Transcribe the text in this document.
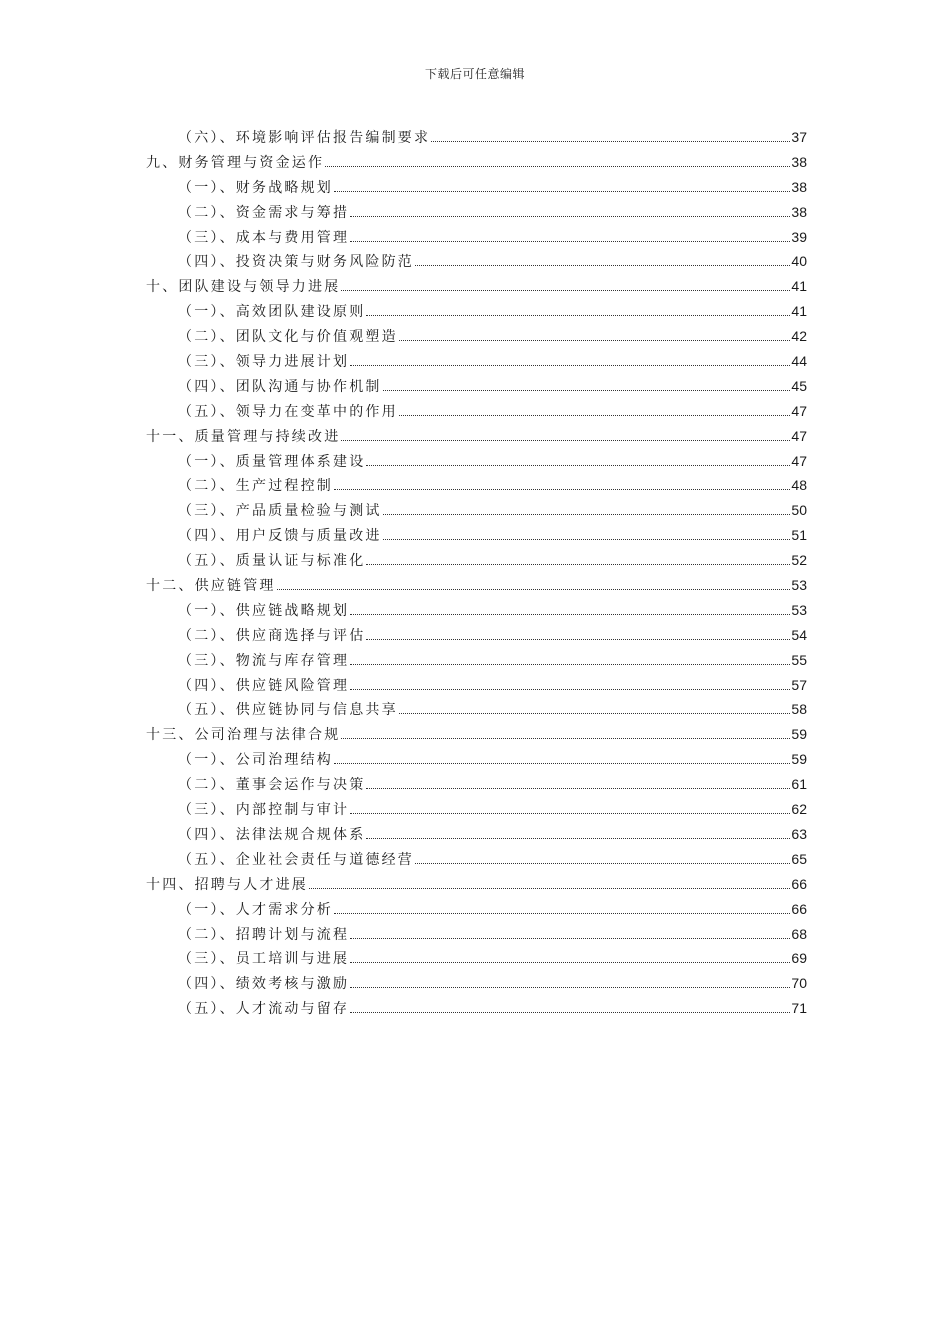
下载后可任意编辑
（六）、环境影响评估报告编制要求	37
九、财务管理与资金运作	38
（一）、财务战略规划	38
（二）、资金需求与筹措	38
（三）、成本与费用管理	39
（四）、投资决策与财务风险防范	40
十、团队建设与领导力进展	41
（一）、高效团队建设原则	41
（二）、团队文化与价值观塑造	42
（三）、领导力进展计划	44
（四）、团队沟通与协作机制	45
（五）、领导力在变革中的作用	47
十一、质量管理与持续改进	47
（一）、质量管理体系建设	47
（二）、生产过程控制	48
（三）、产品质量检验与测试	50
（四）、用户反馈与质量改进	51
（五）、质量认证与标准化	52
十二、供应链管理	53
（一）、供应链战略规划	53
（二）、供应商选择与评估	54
（三）、物流与库存管理	55
（四）、供应链风险管理	57
（五）、供应链协同与信息共享	58
十三、公司治理与法律合规	59
（一）、公司治理结构	59
（二）、董事会运作与决策	61
（三）、内部控制与审计	62
（四）、法律法规合规体系	63
（五）、企业社会责任与道德经营	65
十四、招聘与人才进展	66
（一）、人才需求分析	66
（二）、招聘计划与流程	68
（三）、员工培训与进展	69
（四）、绩效考核与激励	70
（五）、人才流动与留存	71
